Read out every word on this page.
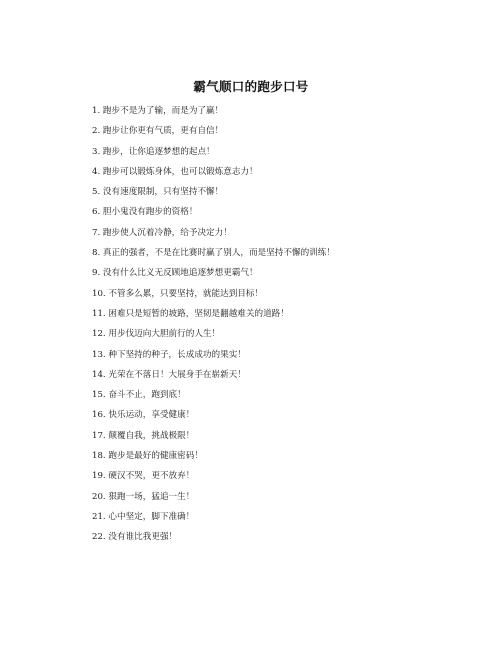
霸气顺口的跑步口号
1. 跑步不是为了输，而是为了赢！
2. 跑步让你更有气质，更有自信！
3. 跑步，让你追逐梦想的起点！
4. 跑步可以锻炼身体，也可以锻炼意志力！
5. 没有速度限制，只有坚持不懈！
6. 胆小鬼没有跑步的资格！
7. 跑步使人沉着冷静，给予决定力！
8. 真正的强者，不是在比赛时赢了别人，而是坚持不懈的训练！
9. 没有什么比义无反顾地追逐梦想更霸气！
10. 不管多么累，只要坚持，就能达到目标！
11. 困难只是短暂的坡路，坚韧是翻越难关的道路！
12. 用步伐迈向大胆前行的人生！
13. 种下坚持的种子，长成成功的果实！
14. 光荣在不落日！大展身手在崭新天！
15. 奋斗不止，跑到底！
16. 快乐运动，享受健康！
17. 颠覆自我，挑战极限！
18. 跑步是最好的健康密码！
19. 硬汉不哭，更不放弃！
20. 狠跑一场，猛追一生！
21. 心中坚定，脚下准确！
22. 没有谁比我更强！
